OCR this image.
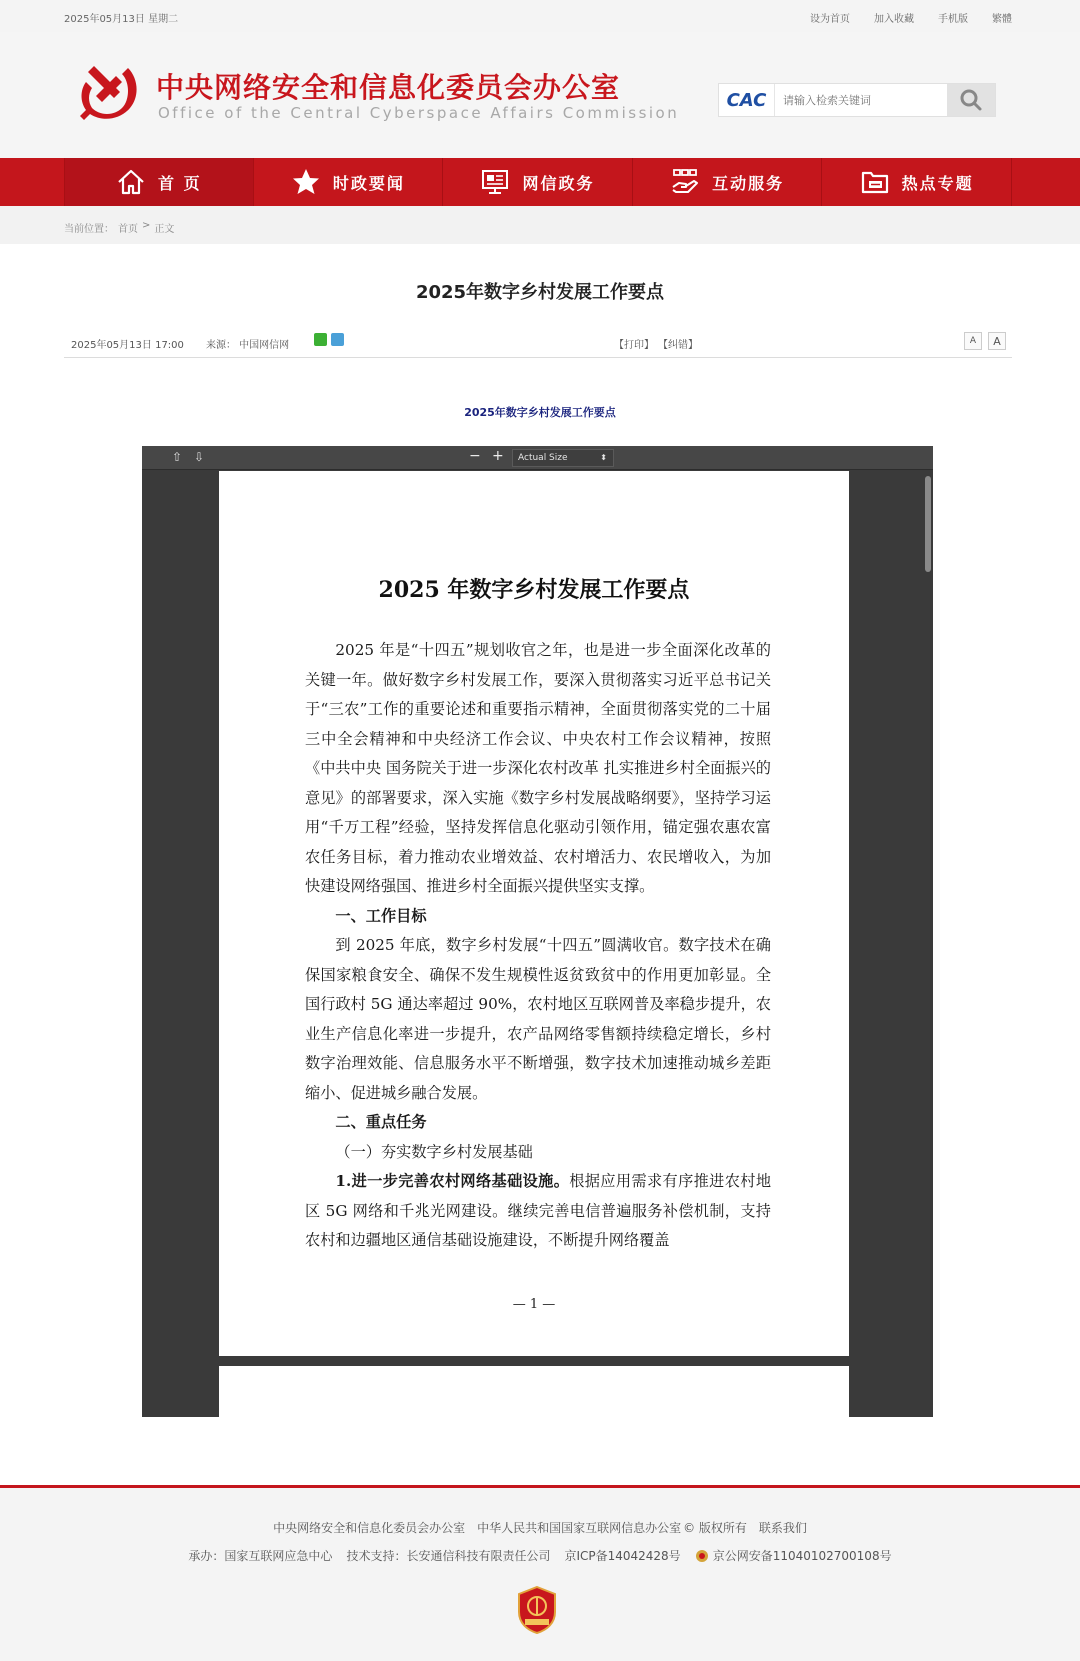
2025年05月13日 星期二	设为首页 加入收藏 手机版 繁體
中央网络安全和信息化委员会办公室
Office of the Central Cyberspace Affairs Commission
CAC
请输入检索关键词
首 页	时政要闻	网信政务	互动服务	热点专题
当前位置： 首页 > 正文
2025年数字乡村发展工作要点
2025年05月13日 17:00 来源： 中国网信网	【打印】 【纠错】	A	A
2025年数字乡村发展工作要点
⇧ ⇩	− +	Actual Size	⬍
2025 年数字乡村发展工作要点

2025 年是“十四五”规划收官之年，也是进一步全面深化改革的关键一年。做好数字乡村发展工作，要深入贯彻落实习近平总书记关于“三农”工作的重要论述和重要指示精神，全面贯彻落实党的二十届三中全会精神和中央经济工作会议、中央农村工作会议精神，按照《中共中央 国务院关于进一步深化农村改革 扎实推进乡村全面振兴的意见》的部署要求，深入实施《数字乡村发展战略纲要》，坚持学习运用“千万工程”经验，坚持发挥信息化驱动引领作用，锚定强农惠农富农任务目标，着力推动农业增效益、农村增活力、农民增收入，为加快建设网络强国、推进乡村全面振兴提供坚实支撑。

一、工作目标

到 2025 年底，数字乡村发展“十四五”圆满收官。数字技术在确保国家粮食安全、确保不发生规模性返贫致贫中的作用更加彰显。全国行政村 5G 通达率超过 90%，农村地区互联网普及率稳步提升，农业生产信息化率进一步提升，农产品网络零售额持续稳定增长，乡村数字治理效能、信息服务水平不断增强，数字技术加速推动城乡差距缩小、促进城乡融合发展。

二、重点任务

（一）夯实数字乡村发展基础

1.进一步完善农村网络基础设施。根据应用需求有序推进农村地区 5G 网络和千兆光网建设。继续完善电信普遍服务补偿机制，支持农村和边疆地区通信基础设施建设，不断提升网络覆盖

— 1 —
中央网络安全和信息化委员会办公室 中华人民共和国国家互联网信息办公室 © 版权所有 联系我们
承办：国家互联网应急中心 技术支持：长安通信科技有限责任公司 京ICP备14042428号	京公网安备11040102700108号
